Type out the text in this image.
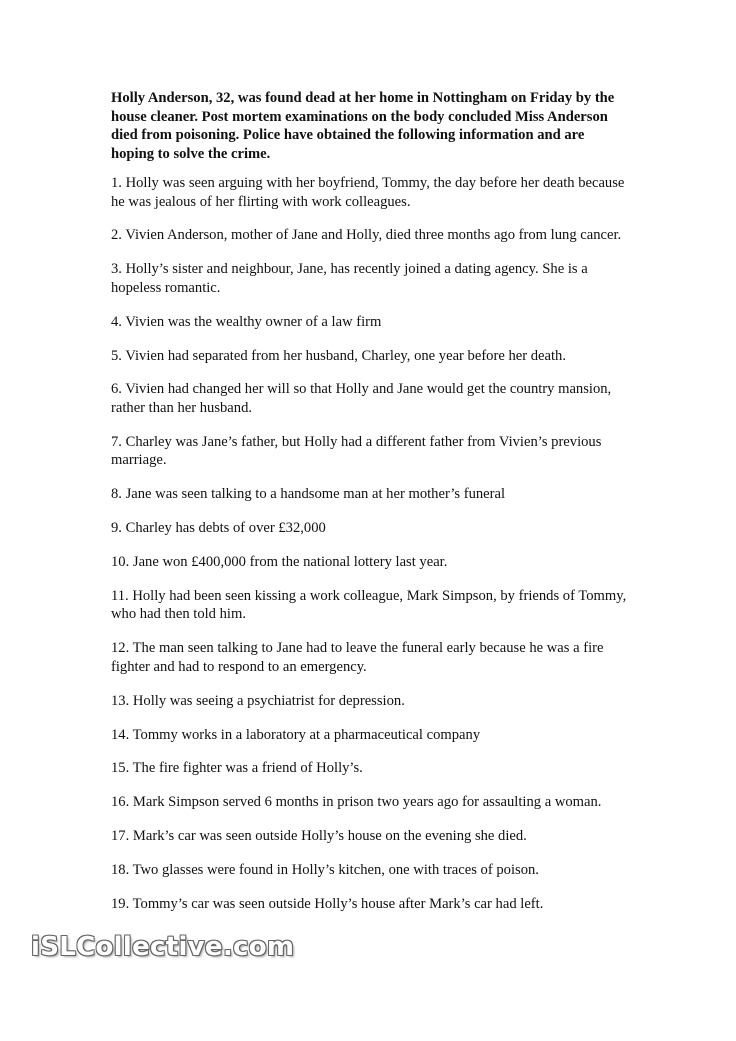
Holly Anderson, 32, was found dead at her home in Nottingham on Friday by the house cleaner. Post mortem examinations on the body concluded Miss Anderson died from poisoning. Police have obtained the following information and are hoping to solve the crime.

1. Holly was seen arguing with her boyfriend, Tommy, the day before her death because he was jealous of her flirting with work colleagues.
2. Vivien Anderson, mother of Jane and Holly, died three months ago from lung cancer.
3. Holly’s sister and neighbour, Jane, has recently joined a dating agency. She is a hopeless romantic.
4. Vivien was the wealthy owner of a law firm
5. Vivien had separated from her husband, Charley, one year before her death.
6. Vivien had changed her will so that Holly and Jane would get the country mansion, rather than her husband.
7. Charley was Jane’s father, but Holly had a different father from Vivien’s previous marriage.
8. Jane was seen talking to a handsome man at her mother’s funeral
9. Charley has debts of over £32,000
10. Jane won £400,000 from the national lottery last year.
11. Holly had been seen kissing a work colleague, Mark Simpson, by friends of Tommy, who had then told him.
12. The man seen talking to Jane had to leave the funeral early because he was a fire fighter and had to respond to an emergency.
13. Holly was seeing a psychiatrist for depression.
14. Tommy works in a laboratory at a pharmaceutical company
15. The fire fighter was a friend of Holly’s.
16. Mark Simpson served 6 months in prison two years ago for assaulting a woman.
17. Mark’s car was seen outside Holly’s house on the evening she died.
18. Two glasses were found in Holly’s kitchen, one with traces of poison.
19. Tommy’s car was seen outside Holly’s house after Mark’s car had left.
iSLCollective.com
